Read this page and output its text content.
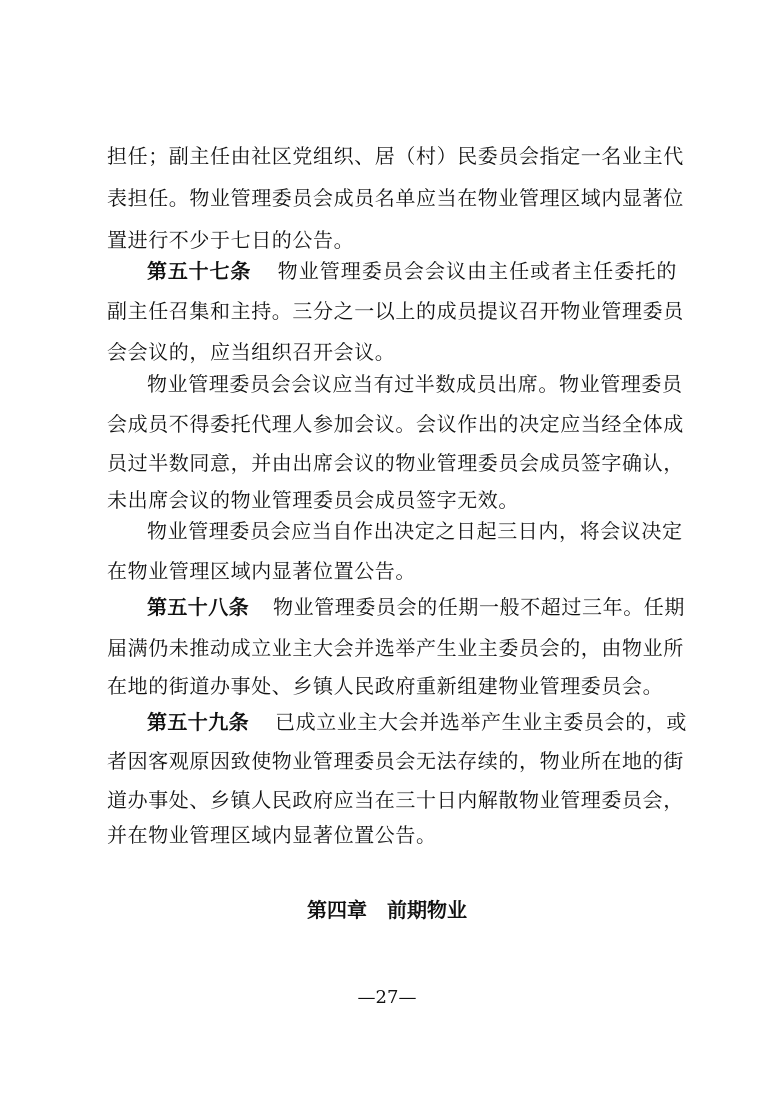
担任；副主任由社区党组织、居（村）民委员会指定一名业主代
表担任。物业管理委员会成员名单应当在物业管理区域内显著位
置进行不少于七日的公告。
第五十七条 物业管理委员会会议由主任或者主任委托的
副主任召集和主持。三分之一以上的成员提议召开物业管理委员
会会议的，应当组织召开会议。
物业管理委员会会议应当有过半数成员出席。物业管理委员
会成员不得委托代理人参加会议。会议作出的决定应当经全体成
员过半数同意，并由出席会议的物业管理委员会成员签字确认，
未出席会议的物业管理委员会成员签字无效。
物业管理委员会应当自作出决定之日起三日内，将会议决定
在物业管理区域内显著位置公告。
第五十八条 物业管理委员会的任期一般不超过三年。任期
届满仍未推动成立业主大会并选举产生业主委员会的，由物业所
在地的街道办事处、乡镇人民政府重新组建物业管理委员会。
第五十九条 已成立业主大会并选举产生业主委员会的，或
者因客观原因致使物业管理委员会无法存续的，物业所在地的街
道办事处、乡镇人民政府应当在三十日内解散物业管理委员会，
并在物业管理区域内显著位置公告。
第四章 前期物业
—27—
